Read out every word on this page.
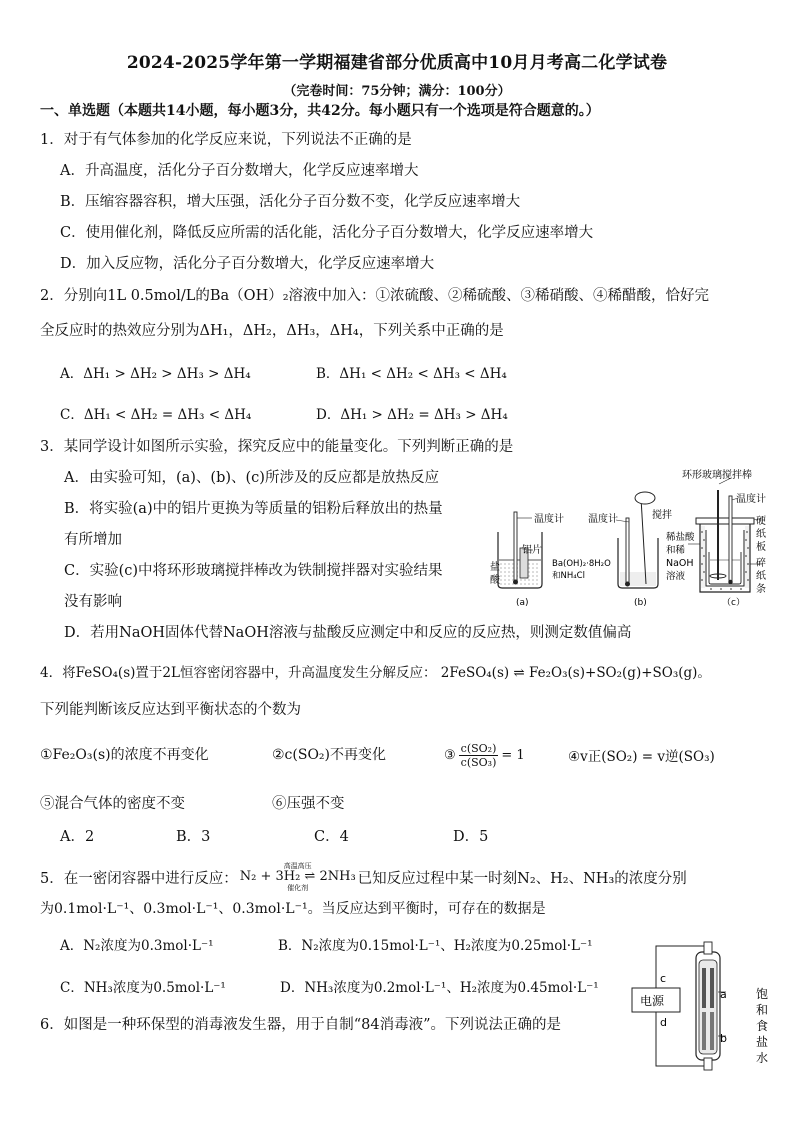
2024-2025学年第一学期福建省部分优质高中10月月考高二化学试卷
（完卷时间：75分钟；满分：100分）
一、单选题（本题共14小题，每小题3分，共42分。每小题只有一个选项是符合题意的。）
1．对于有气体参加的化学反应来说，下列说法不正确的是
A．升高温度，活化分子百分数增大，化学反应速率增大
B．压缩容器容积，增大压强，活化分子百分数不变，化学反应速率增大
C．使用催化剂，降低反应所需的活化能，活化分子百分数增大，化学反应速率增大
D．加入反应物，活化分子百分数增大，化学反应速率增大
2．分别向1L 0.5mol/L的Ba（OH）₂溶液中加入：①浓硫酸、②稀硫酸、③稀硝酸、④稀醋酸，恰好完
全反应时的热效应分别为ΔH₁，ΔH₂，ΔH₃，ΔH₄，下列关系中正确的是
A．ΔH₁ > ΔH₂ > ΔH₃ > ΔH₄	B．ΔH₁ < ΔH₂ < ΔH₃ < ΔH₄
C．ΔH₁ < ΔH₂ = ΔH₃ < ΔH₄	D．ΔH₁ > ΔH₂ = ΔH₃ > ΔH₄
3．某同学设计如图所示实验，探究反应中的能量变化。下列判断正确的是
A．由实验可知，(a)、(b)、(c)所涉及的反应都是放热反应
B．将实验(a)中的铝片更换为等质量的铝粉后释放出的热量
有所增加
C．实验(c)中将环形玻璃搅拌棒改为铁制搅拌器对实验结果
没有影响
D．若用NaOH固体代替NaOH溶液与盐酸反应测定中和反应的反应热，则测定数值偏高
温度计
铝片
盐
酸
(a)
温度计	搅拌
Ba(OH)₂·8H₂O
和NH₄Cl
(b)
环形玻璃搅拌棒
温度计
硬
纸
板
碎
纸
条
稀盐酸
和稀
NaOH
溶液
（c）
4．将FeSO₄(s)置于2L恒容密闭容器中，升高温度发生分解反应： 2FeSO₄(s) ⇌ Fe₂O₃(s)+SO₂(g)+SO₃(g)。
下列能判断该反应达到平衡状态的个数为
①Fe₂O₃(s)的浓度不再变化	②c(SO₂)不再变化	③ $\frac{\text{c(SO₂)}}{\text{c(SO₃)}} = 1$	④v正(SO₂) = v逆(SO₃)
⑤混合气体的密度不变	⑥压强不变
A．2	B．3	C．4	D．5
5．在一密闭容器中进行反应：
高温高压
N₂ + 3H₂ ⇌ 2NH₃
催化剂
已知反应过程中某一时刻N₂、H₂、NH₃的浓度分别
为0.1mol·L⁻¹、0.3mol·L⁻¹、0.3mol·L⁻¹。当反应达到平衡时，可存在的数据是
A．N₂浓度为0.3mol·L⁻¹	B．N₂浓度为0.15mol·L⁻¹、H₂浓度为0.25mol·L⁻¹
C．NH₃浓度为0.5mol·L⁻¹	D．NH₃浓度为0.2mol·L⁻¹、H₂浓度为0.45mol·L⁻¹
6．如图是一种环保型的消毒液发生器，用于自制“84消毒液”。下列说法正确的是
电源
c
d
a
b
饱
和
食
盐
水
